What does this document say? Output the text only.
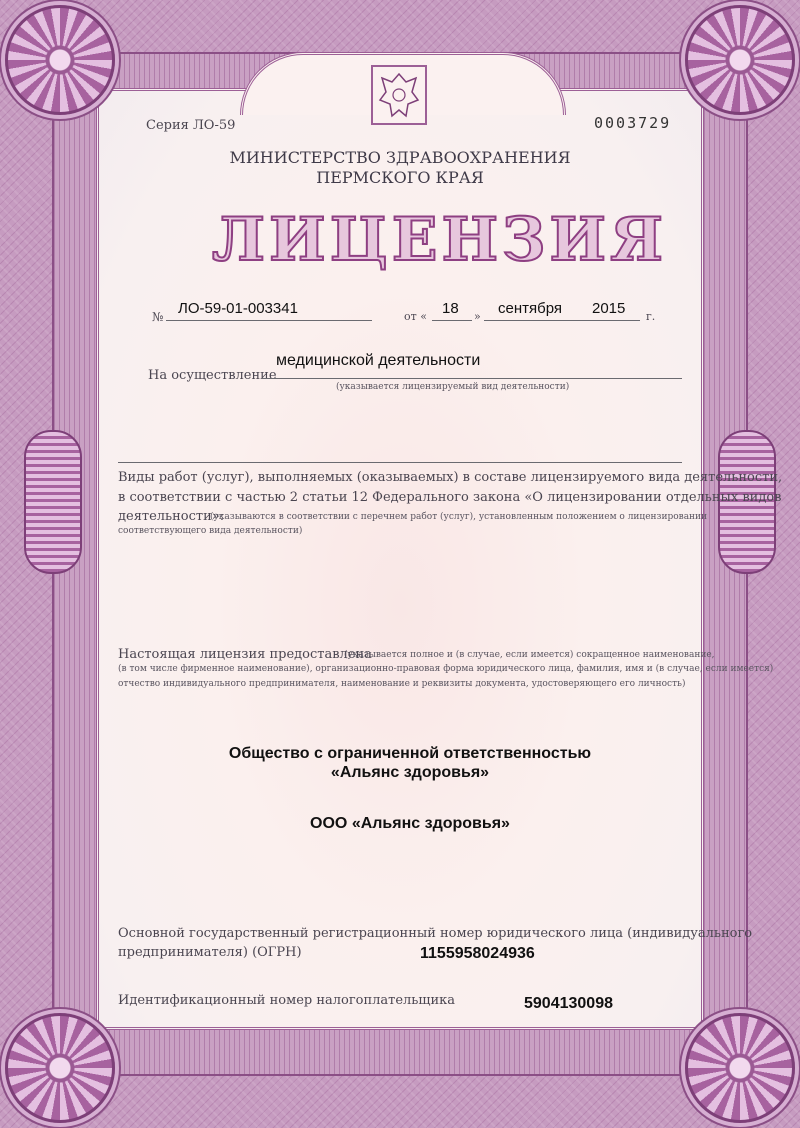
Серия ЛО-59	0003729
МИНИСТЕРСТВО ЗДРАВООХРАНЕНИЯ
ПЕРМСКОГО КРАЯ
ЛИЦЕНЗИЯ
№ ЛО-59-01-003341	от « 18 » сентября 2015 г.
На осуществление
медицинской деятельности
(указывается лицензируемый вид деятельности)
Виды работ (услуг), выполняемых (оказываемых) в составе лицензируемого вида деятельности,
в соответствии с частью 2 статьи 12 Федерального закона «О лицензировании отдельных видов
деятельности»:
(указываются в соответствии с перечнем работ (услуг), установленным положением о лицензировании
соответствующего вида деятельности)
Настоящая лицензия предоставлена
(указывается полное и (в случае, если имеется) сокращенное наименование,
(в том числе фирменное наименование), организационно-правовая форма юридического лица, фамилия, имя и (в случае, если имеется)
отчество индивидуального предпринимателя, наименование и реквизиты документа, удостоверяющего его личность)
Общество с ограниченной ответственностью
«Альянс здоровья»
ООО «Альянс здоровья»
Основной государственный регистрационный номер юридического лица (индивидуального
предпринимателя) (ОГРН)	1155958024936
Идентификационный номер налогоплательщика	5904130098
